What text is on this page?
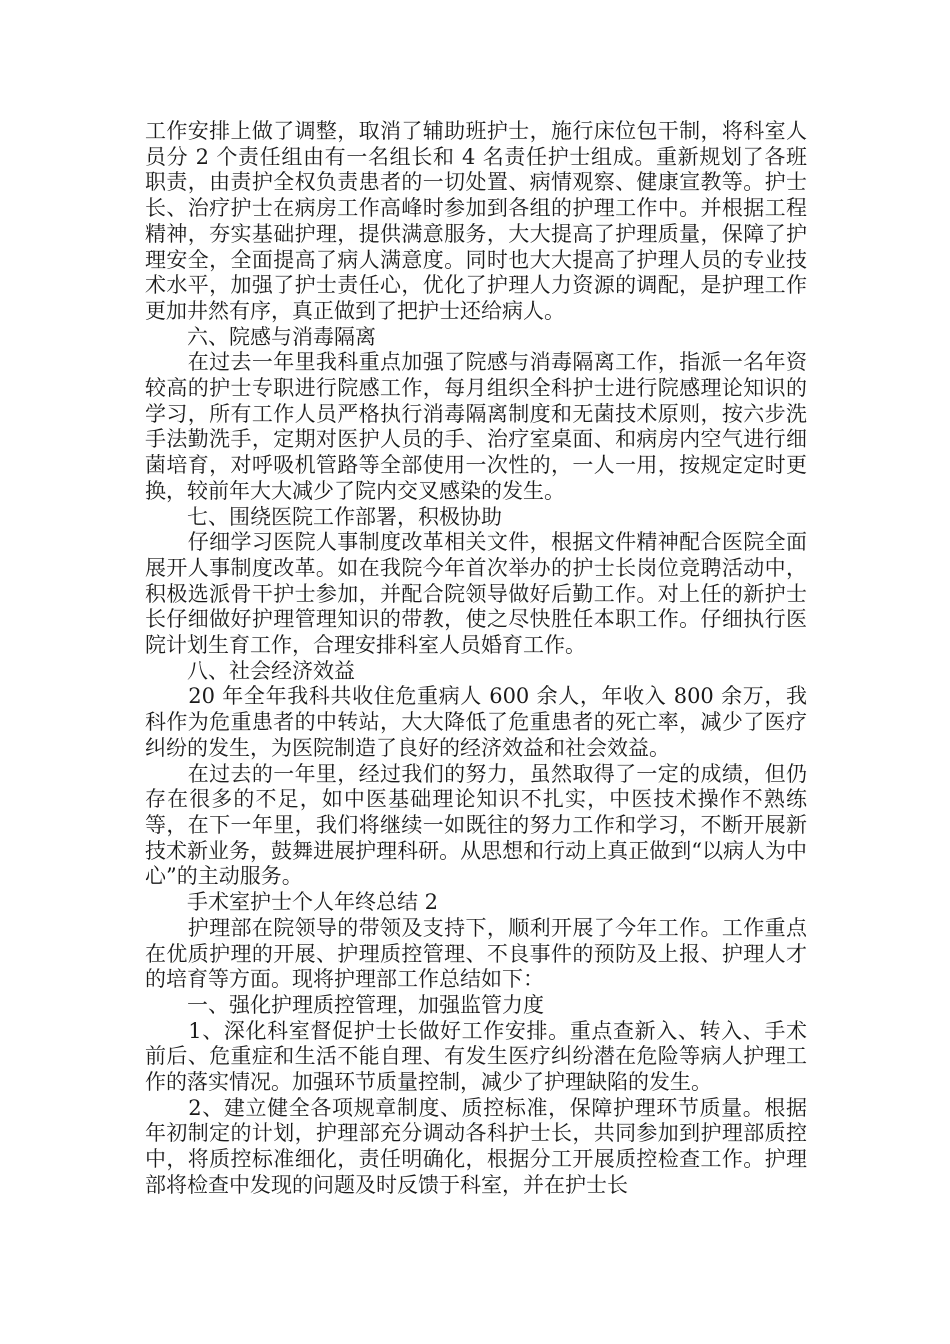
工作安排上做了调整，取消了辅助班护士，施行床位包干制，将科室人员分 2 个责任组由有一名组长和 4 名责任护士组成。重新规划了各班职责，由责护全权负责患者的一切处置、病情观察、健康宣教等。护士长、治疗护士在病房工作高峰时参加到各组的护理工作中。并根据工程精神，夯实基础护理，提供满意服务，大大提高了护理质量，保障了护理安全，全面提高了病人满意度。同时也大大提高了护理人员的专业技术水平，加强了护士责任心，优化了护理人力资源的调配，是护理工作更加井然有序，真正做到了把护士还给病人。

　　六、院感与消毒隔离

　　在过去一年里我科重点加强了院感与消毒隔离工作，指派一名年资较高的护士专职进行院感工作，每月组织全科护士进行院感理论知识的学习，所有工作人员严格执行消毒隔离制度和无菌技术原则，按六步洗手法勤洗手，定期对医护人员的手、治疗室桌面、和病房内空气进行细菌培育，对呼吸机管路等全部使用一次性的，一人一用，按规定定时更换，较前年大大减少了院内交叉感染的发生。

　　七、围绕医院工作部署，积极协助

　　仔细学习医院人事制度改革相关文件，根据文件精神配合医院全面展开人事制度改革。如在我院今年首次举办的护士长岗位竞聘活动中，积极选派骨干护士参加，并配合院领导做好后勤工作。对上任的新护士长仔细做好护理管理知识的带教，使之尽快胜任本职工作。仔细执行医院计划生育工作，合理安排科室人员婚育工作。

　　八、社会经济效益

　　20 年全年我科共收住危重病人 600 余人，年收入 800 余万，我科作为危重患者的中转站，大大降低了危重患者的死亡率，减少了医疗纠纷的发生，为医院制造了良好的经济效益和社会效益。

　　在过去的一年里，经过我们的努力，虽然取得了一定的成绩，但仍存在很多的不足，如中医基础理论知识不扎实，中医技术操作不熟练等，在下一年里，我们将继续一如既往的努力工作和学习，不断开展新技术新业务，鼓舞进展护理科研。从思想和行动上真正做到“以病人为中心”的主动服务。

　　手术室护士个人年终总结 2

　　护理部在院领导的带领及支持下，顺利开展了今年工作。工作重点在优质护理的开展、护理质控管理、不良事件的预防及上报、护理人才的培育等方面。现将护理部工作总结如下：

　　一、强化护理质控管理，加强监管力度

　　1、深化科室督促护士长做好工作安排。重点查新入、转入、手术前后、危重症和生活不能自理、有发生医疗纠纷潜在危险等病人护理工作的落实情况。加强环节质量控制，减少了护理缺陷的发生。

　　2、建立健全各项规章制度、质控标准，保障护理环节质量。根据年初制定的计划，护理部充分调动各科护士长，共同参加到护理部质控中，将质控标准细化，责任明确化，根据分工开展质控检查工作。护理部将检查中发现的问题及时反馈于科室，并在护士长
